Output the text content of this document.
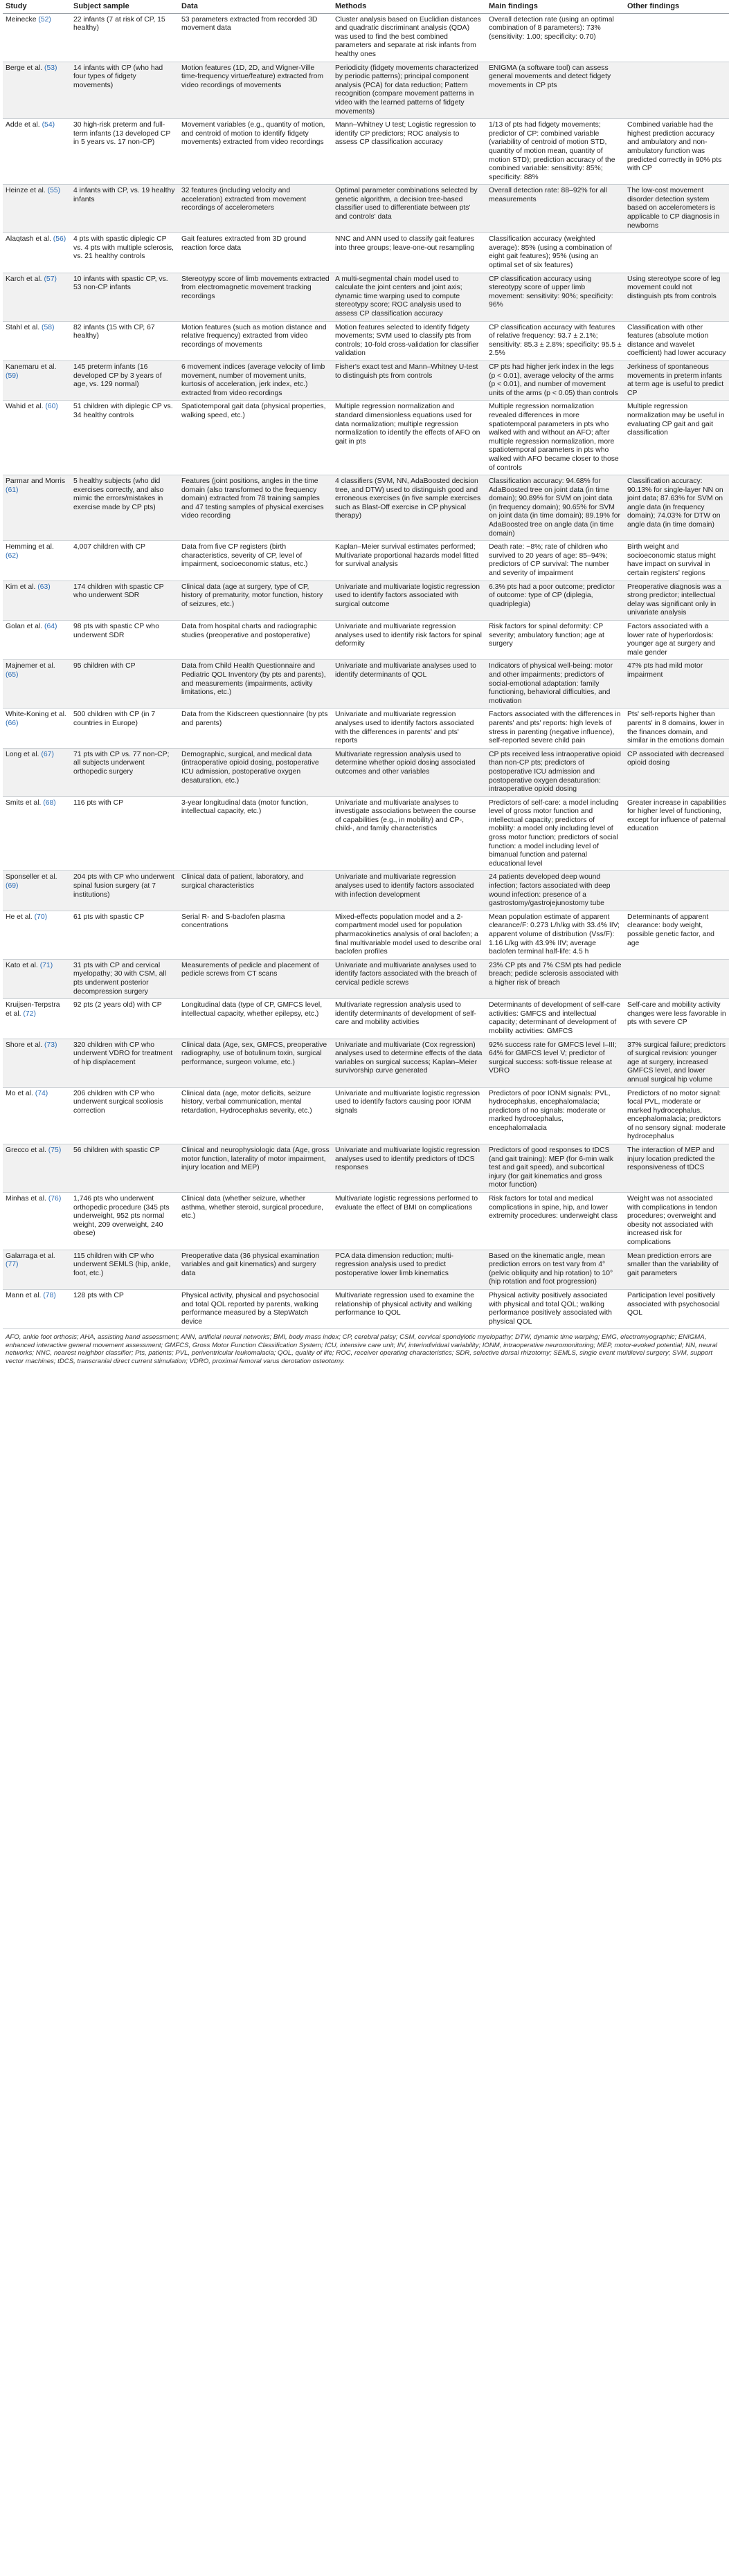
Study	Subject sample	Data	Methods	Main findings	Other findings
Meinecke (52)	22 infants (7 at risk of CP, 15 healthy)	53 parameters extracted from recorded 3D movement data	Cluster analysis based on Euclidian distances and quadratic discriminant analysis (QDA) was used to find the best combined parameters and separate at risk infants from healthy ones	Overall detection rate (using an optimal combination of 8 parameters): 73% (sensitivity: 1.00; specificity: 0.70)	
Berge et al. (53)	14 infants with CP (who had four types of fidgety movements)	Motion features (1D, 2D, and Wigner-Ville time-frequency virtue/feature) extracted from video recordings of movements	Periodicity (fidgety movements characterized by periodic patterns); principal component analysis (PCA) for data reduction; Pattern recognition (compare movement patterns in video with the learned patterns of fidgety movements)	ENIGMA (a software tool) can assess general movements and detect fidgety movements in CP pts	
Adde et al. (54)	30 high-risk preterm and full-term infants (13 developed CP in 5 years vs. 17 non-CP)	Movement variables (e.g., quantity of motion, and centroid of motion to identify fidgety movements) extracted from video recordings	Mann–Whitney U test; Logistic regression to identify CP predictors; ROC analysis to assess CP classification accuracy	1/13 of pts had fidgety movements; predictor of CP: combined variable (variability of centroid of motion STD, quantity of motion mean, quantity of motion STD); prediction accuracy of the combined variable: sensitivity: 85%; specificity: 88%	Combined variable had the highest prediction accuracy and ambulatory and non-ambulatory function was predicted correctly in 90% pts with CP
Heinze et al. (55)	4 infants with CP, vs. 19 healthy infants	32 features (including velocity and acceleration) extracted from movement recordings of accelerometers	Optimal parameter combinations selected by genetic algorithm, a decision tree-based classifier used to differentiate between pts' and controls' data	Overall detection rate: 88–92% for all measurements	The low-cost movement disorder detection system based on accelerometers is applicable to CP diagnosis in newborns
Alaqtash et al. (56)	4 pts with spastic diplegic CP vs. 4 pts with multiple sclerosis, vs. 21 healthy controls	Gait features extracted from 3D ground reaction force data	NNC and ANN used to classify gait features into three groups; leave-one-out resampling	Classification accuracy (weighted average): 85% (using a combination of eight gait features); 95% (using an optimal set of six features)	
Karch et al. (57)	10 infants with spastic CP, vs. 53 non-CP infants	Stereotypy score of limb movements extracted from electromagnetic movement tracking recordings	A multi-segmental chain model used to calculate the joint centers and joint axis; dynamic time warping used to compute stereotypy score; ROC analysis used to assess CP classification accuracy	CP classification accuracy using stereotypy score of upper limb movement: sensitivity: 90%; specificity: 96%	Using stereotype score of leg movement could not distinguish pts from controls
Stahl et al. (58)	82 infants (15 with CP, 67 healthy)	Motion features (such as motion distance and relative frequency) extracted from video recordings of movements	Motion features selected to identify fidgety movements; SVM used to classify pts from controls; 10-fold cross-validation for classifier validation	CP classification accuracy with features of relative frequency: 93.7 ± 2.1%; sensitivity: 85.3 ± 2.8%; specificity: 95.5 ± 2.5%	Classification with other features (absolute motion distance and wavelet coefficient) had lower accuracy
Kanemaru et al. (59)	145 preterm infants (16 developed CP by 3 years of age, vs. 129 normal)	6 movement indices (average velocity of limb movement, number of movement units, kurtosis of acceleration, jerk index, etc.) extracted from video recordings	Fisher's exact test and Mann–Whitney U-test to distinguish pts from controls	CP pts had higher jerk index in the legs (p < 0.01), average velocity of the arms (p < 0.01), and number of movement units of the arms (p < 0.05) than controls	Jerkiness of spontaneous movements in preterm infants at term age is useful to predict CP
Wahid et al. (60)	51 children with diplegic CP vs. 34 healthy controls	Spatiotemporal gait data (physical properties, walking speed, etc.)	Multiple regression normalization and standard dimensionless equations used for data normalization; multiple regression normalization to identify the effects of AFO on gait in pts	Multiple regression normalization revealed differences in more spatiotemporal parameters in pts who walked with and without an AFO; after multiple regression normalization, more spatiotemporal parameters in pts who walked with AFO became closer to those of controls	Multiple regression normalization may be useful in evaluating CP gait and gait classification
Parmar and Morris (61)	5 healthy subjects (who did exercises correctly, and also mimic the errors/mistakes in exercise made by CP pts)	Features (joint positions, angles in the time domain (also transformed to the frequency domain) extracted from 78 training samples and 47 testing samples of physical exercises video recording	4 classifiers (SVM, NN, AdaBoosted decision tree, and DTW) used to distinguish good and erroneous exercises (in five sample exercises such as Blast-Off exercise in CP physical therapy)	Classification accuracy: 94.68% for AdaBoosted tree on joint data (in time domain); 90.89% for SVM on joint data (in frequency domain); 90.65% for SVM on joint data (in time domain); 89.19% for AdaBoosted tree on angle data (in time domain)	Classification accuracy: 90.13% for single-layer NN on joint data; 87.63% for SVM on angle data (in frequency domain); 74.03% for DTW on angle data (in time domain)
Hemming et al. (62)	4,007 children with CP	Data from five CP registers (birth characteristics, severity of CP, level of impairment, socioeconomic status, etc.)	Kaplan–Meier survival estimates performed; Multivariate proportional hazards model fitted for survival analysis	Death rate: ~8%; rate of children who survived to 20 years of age: 85–94%; predictors of CP survival: The number and severity of impairment	Birth weight and socioeconomic status might have impact on survival in certain registers' regions
Kim et al. (63)	174 children with spastic CP who underwent SDR	Clinical data (age at surgery, type of CP, history of prematurity, motor function, history of seizures, etc.)	Univariate and multivariate logistic regression used to identify factors associated with surgical outcome	6.3% pts had a poor outcome; predictor of outcome: type of CP (diplegia, quadriplegia)	Preoperative diagnosis was a strong predictor; intellectual delay was significant only in univariate analysis
Golan et al. (64)	98 pts with spastic CP who underwent SDR	Data from hospital charts and radiographic studies (preoperative and postoperative)	Univariate and multivariate regression analyses used to identify risk factors for spinal deformity	Risk factors for spinal deformity: CP severity; ambulatory function; age at surgery	Factors associated with a lower rate of hyperlordosis: younger age at surgery and male gender
Majnemer et al. (65)	95 children with CP	Data from Child Health Questionnaire and Pediatric QOL Inventory (by pts and parents), and measurements (impairments, activity limitations, etc.)	Univariate and multivariate analyses used to identify determinants of QOL	Indicators of physical well-being: motor and other impairments; predictors of social-emotional adaptation: family functioning, behavioral difficulties, and motivation	47% pts had mild motor impairment
White-Koning et al. (66)	500 children with CP (in 7 countries in Europe)	Data from the Kidscreen questionnaire (by pts and parents)	Univariate and multivariate regression analyses used to identify factors associated with the differences in parents' and pts' reports	Factors associated with the differences in parents' and pts' reports: high levels of stress in parenting (negative influence), self-reported severe child pain	Pts' self-reports higher than parents' in 8 domains, lower in the finances domain, and similar in the emotions domain
Long et al. (67)	71 pts with CP vs. 77 non-CP; all subjects underwent orthopedic surgery	Demographic, surgical, and medical data (intraoperative opioid dosing, postoperative ICU admission, postoperative oxygen desaturation, etc.)	Multivariate regression analysis used to determine whether opioid dosing associated outcomes and other variables	CP pts received less intraoperative opioid than non-CP pts; predictors of postoperative ICU admission and postoperative oxygen desaturation: intraoperative opioid dosing	CP associated with decreased opioid dosing
Smits et al. (68)	116 pts with CP	3-year longitudinal data (motor function, intellectual capacity, etc.)	Univariate and multivariate analyses to investigate associations between the course of capabilities (e.g., in mobility) and CP-, child-, and family characteristics	Predictors of self-care: a model including level of gross motor function and intellectual capacity; predictors of mobility: a model only including level of gross motor function; predictors of social function: a model including level of bimanual function and paternal educational level	Greater increase in capabilities for higher level of functioning, except for influence of paternal education
Sponseller et al. (69)	204 pts with CP who underwent spinal fusion surgery (at 7 institutions)	Clinical data of patient, laboratory, and surgical characteristics	Univariate and multivariate regression analyses used to identify factors associated with infection development	24 patients developed deep wound infection; factors associated with deep wound infection: presence of a gastrostomy/gastrojejunostomy tube	
He et al. (70)	61 pts with spastic CP	Serial R- and S-baclofen plasma concentrations	Mixed-effects population model and a 2-compartment model used for population pharmacokinetics analysis of oral baclofen; a final multivariable model used to describe oral baclofen profiles	Mean population estimate of apparent clearance/F: 0.273 L/h/kg with 33.4% IIV; apparent volume of distribution (Vss/F): 1.16 L/kg with 43.9% IIV; average baclofen terminal half-life: 4.5 h	Determinants of apparent clearance: body weight, possible genetic factor, and age
Kato et al. (71)	31 pts with CP and cervical myelopathy; 30 with CSM, all pts underwent posterior decompression surgery	Measurements of pedicle and placement of pedicle screws from CT scans	Univariate and multivariate analyses used to identify factors associated with the breach of cervical pedicle screws	23% CP pts and 7% CSM pts had pedicle breach; pedicle sclerosis associated with a higher risk of breach	
Kruijsen-Terpstra et al. (72)	92 pts (2 years old) with CP	Longitudinal data (type of CP, GMFCS level, intellectual capacity, whether epilepsy, etc.)	Multivariate regression analysis used to identify determinants of development of self-care and mobility activities	Determinants of development of self-care activities: GMFCS and intellectual capacity; determinant of development of mobility activities: GMFCS	Self-care and mobility activity changes were less favorable in pts with severe CP
Shore et al. (73)	320 children with CP who underwent VDRO for treatment of hip displacement	Clinical data (Age, sex, GMFCS, preoperative radiography, use of botulinum toxin, surgical performance, surgeon volume, etc.)	Univariate and multivariate (Cox regression) analyses used to determine effects of the data variables on surgical success; Kaplan–Meier survivorship curve generated	92% success rate for GMFCS level I–III; 64% for GMFCS level V; predictor of surgical success: soft-tissue release at VDRO	37% surgical failure; predictors of surgical revision: younger age at surgery, increased GMFCS level, and lower annual surgical hip volume
Mo et al. (74)	206 children with CP who underwent surgical scoliosis correction	Clinical data (age, motor deficits, seizure history, verbal communication, mental retardation, Hydrocephalus severity, etc.)	Univariate and multivariate logistic regression used to identify factors causing poor IONM signals	Predictors of poor IONM signals: PVL, hydrocephalus, encephalomalacia; predictors of no signals: moderate or marked hydrocephalus, encephalomalacia	Predictors of no motor signal: focal PVL, moderate or marked hydrocephalus, encephalomalacia; predictors of no sensory signal: moderate hydrocephalus
Grecco et al. (75)	56 children with spastic CP	Clinical and neurophysiologic data (Age, gross motor function, laterality of motor impairment, injury location and MEP)	Univariate and multivariate logistic regression analyses used to identify predictors of tDCS responses	Predictors of good responses to tDCS (and gait training): MEP (for 6-min walk test and gait speed), and subcortical injury (for gait kinematics and gross motor function)	The interaction of MEP and injury location predicted the responsiveness of tDCS
Minhas et al. (76)	1,746 pts who underwent orthopedic procedure (345 pts underweight, 952 pts normal weight, 209 overweight, 240 obese)	Clinical data (whether seizure, whether asthma, whether steroid, surgical procedure, etc.)	Multivariate logistic regressions performed to evaluate the effect of BMI on complications	Risk factors for total and medical complications in spine, hip, and lower extremity procedures: underweight class	Weight was not associated with complications in tendon procedures; overweight and obesity not associated with increased risk for complications
Galarraga et al. (77)	115 children with CP who underwent SEMLS (hip, ankle, foot, etc.)	Preoperative data (36 physical examination variables and gait kinematics) and surgery data	PCA data dimension reduction; multi-regression analysis used to predict postoperative lower limb kinematics	Based on the kinematic angle, mean prediction errors on test vary from 4° (pelvic obliquity and hip rotation) to 10° (hip rotation and foot progression)	Mean prediction errors are smaller than the variability of gait parameters
Mann et al. (78)	128 pts with CP	Physical activity, physical and psychosocial and total QOL reported by parents, walking performance measured by a StepWatch device	Multivariate regression used to examine the relationship of physical activity and walking performance to QOL	Physical activity positively associated with physical and total QOL; walking performance positively associated with physical QOL	Participation level positively associated with psychosocial QOL
AFO, ankle foot orthosis; AHA, assisting hand assessment; ANN, artificial neural networks; BMI, body mass index; CP, cerebral palsy; CSM, cervical spondylotic myelopathy; DTW, dynamic time warping; EMG, electromyographic; ENIGMA, enhanced interactive general movement assessment; GMFCS, Gross Motor Function Classification System; ICU, intensive care unit; IIV, interindividual variability; IONM, intraoperative neuromonitoring; MEP, motor-evoked potential; NN, neural networks; NNC, nearest neighbor classifier; Pts, patients; PVL, periventricular leukomalacia; QOL, quality of life; ROC, receiver operating characteristics; SDR, selective dorsal rhizotomy; SEMLS, single event multilevel surgery; SVM, support vector machines; tDCS, transcranial direct current stimulation; VDRO, proximal femoral varus derotation osteotomy.
